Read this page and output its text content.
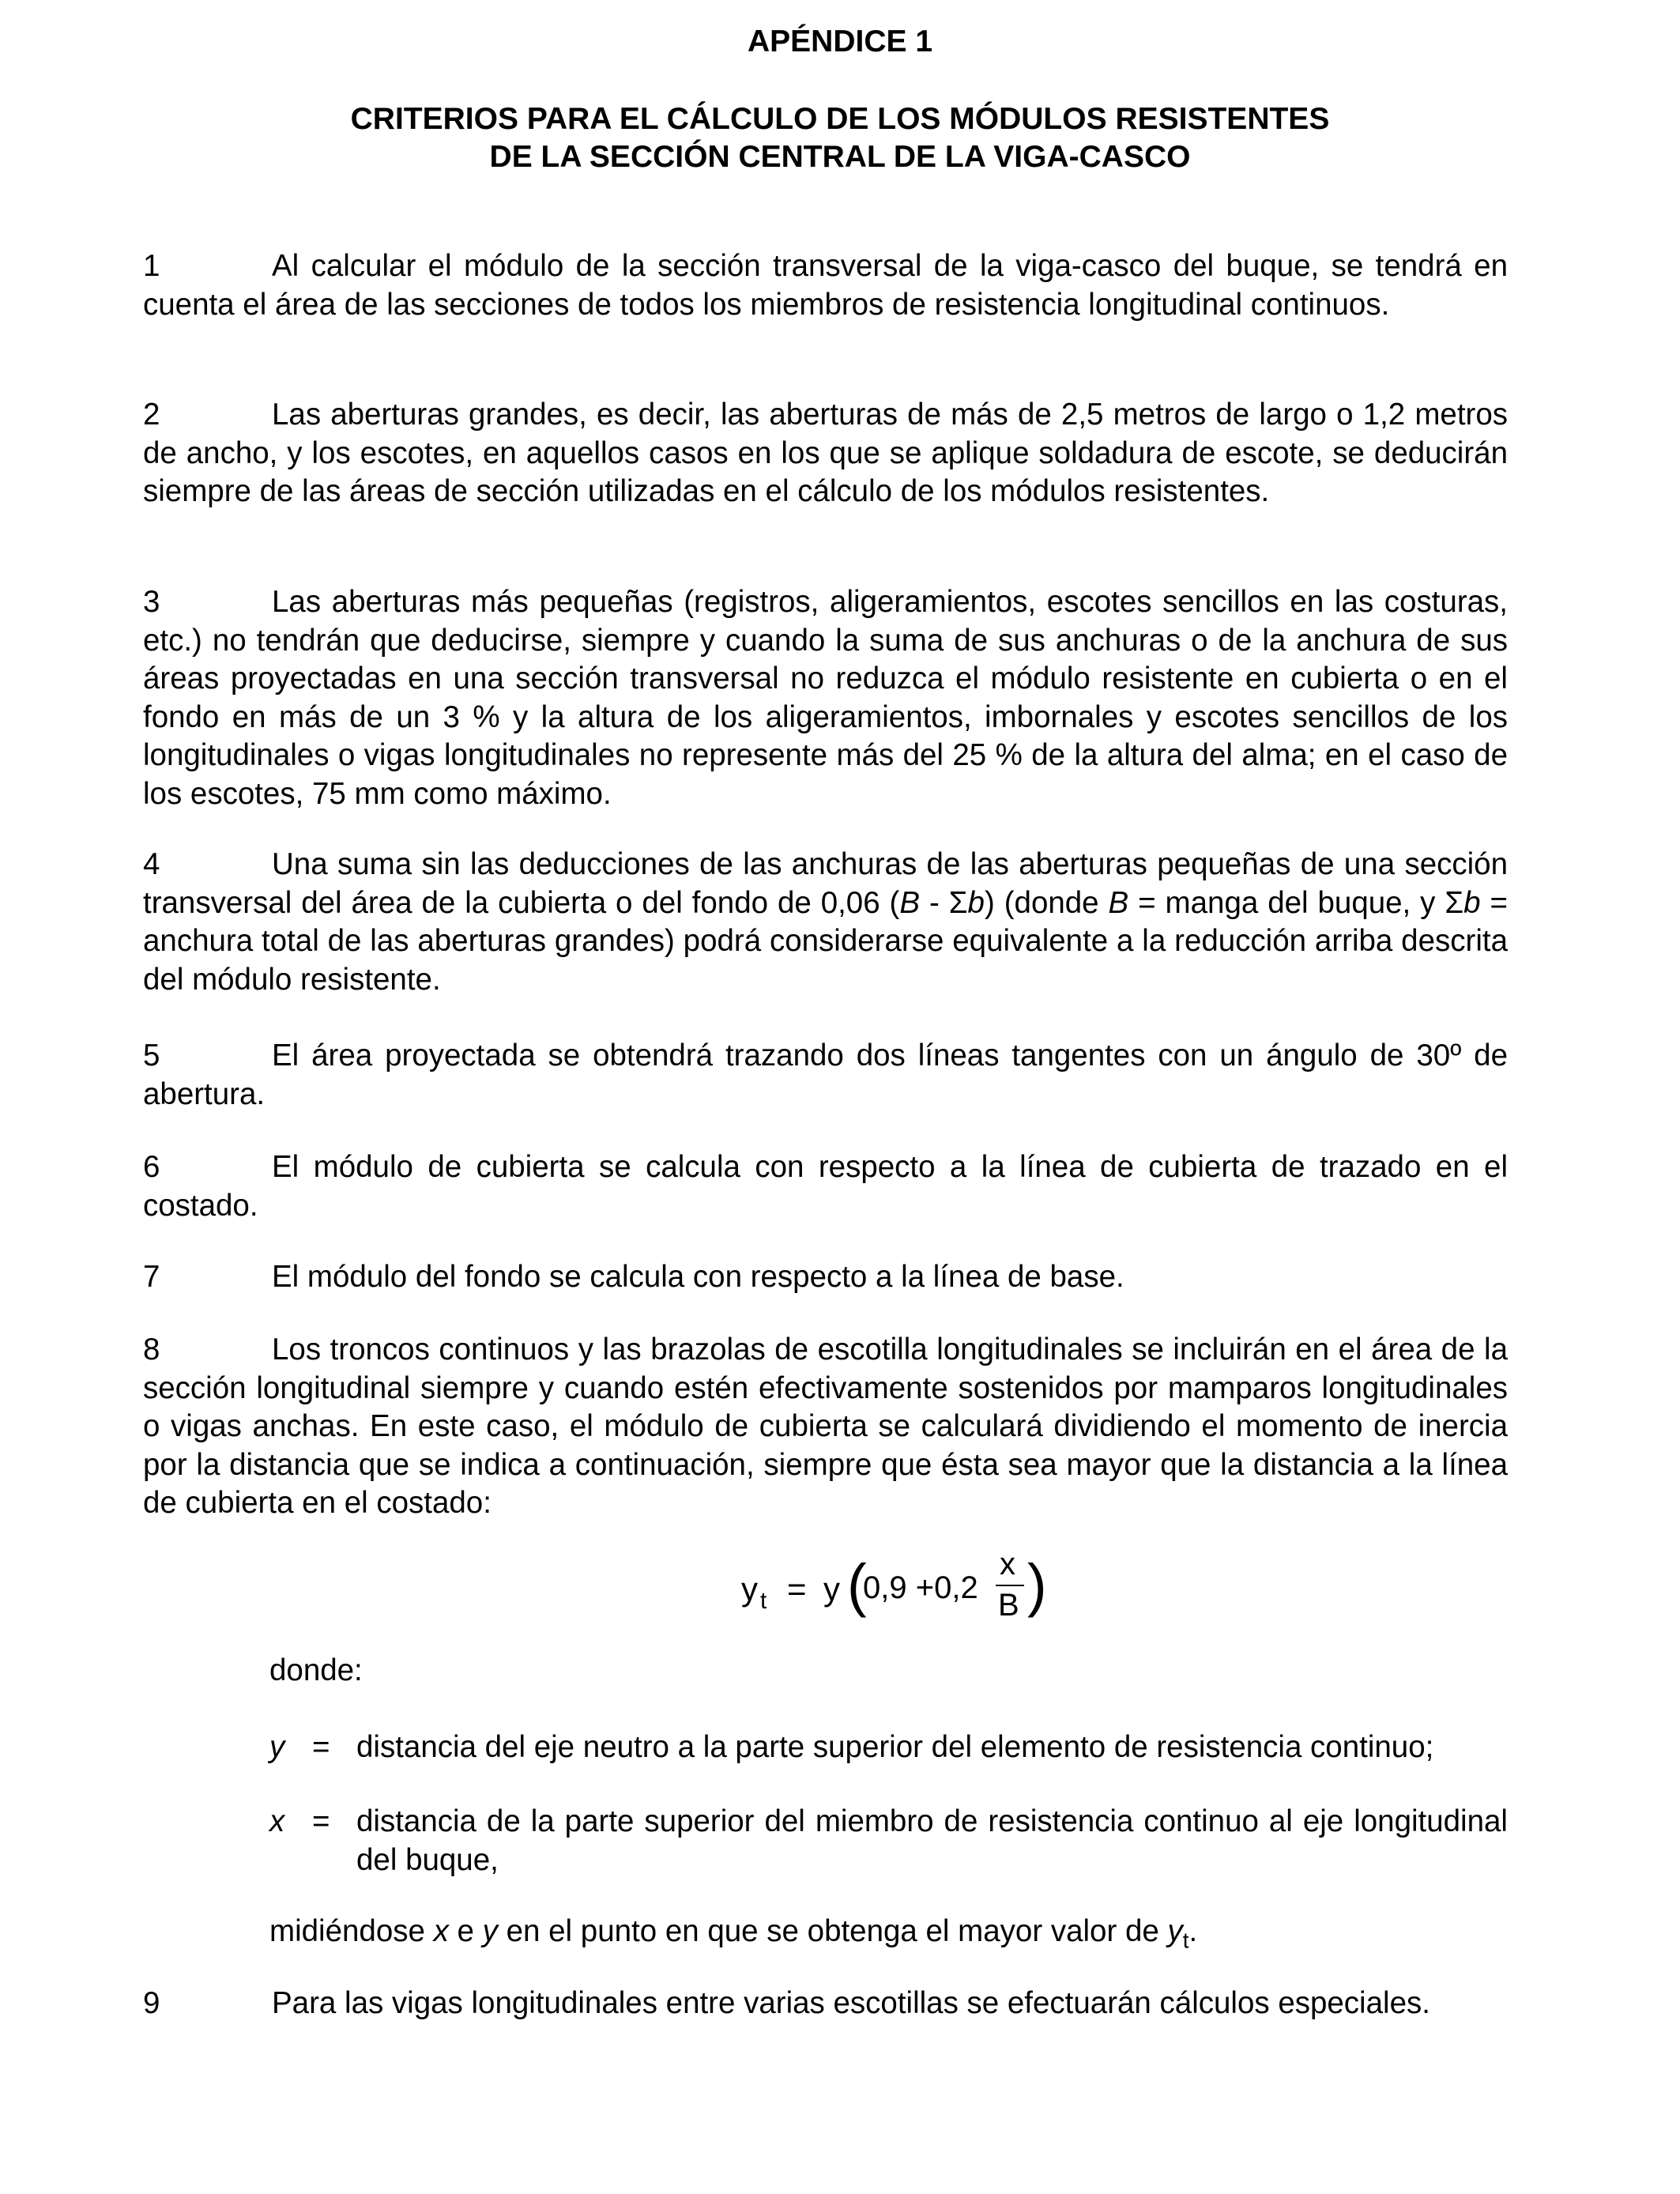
APÉNDICE 1
CRITERIOS PARA EL CÁLCULO DE LOS MÓDULOS RESISTENTES
DE LA SECCIÓN CENTRAL DE LA VIGA-CASCO
1	Al calcular el módulo de la sección transversal de la viga-casco del buque, se tendrá en cuenta el área de las secciones de todos los miembros de resistencia longitudinal continuos.
2	Las aberturas grandes, es decir, las aberturas de más de 2,5 metros de largo o 1,2 metros de ancho, y los escotes, en aquellos casos en los que se aplique soldadura de escote, se deducirán siempre de las áreas de sección utilizadas en el cálculo de los módulos resistentes.
3	Las aberturas más pequeñas (registros, aligeramientos, escotes sencillos en las costuras, etc.) no tendrán que deducirse, siempre y cuando la suma de sus anchuras o de la anchura de sus áreas proyectadas en una sección transversal no reduzca el módulo resistente en cubierta o en el fondo en más de un 3 % y la altura de los aligeramientos, imbornales y escotes sencillos de los longitudinales o vigas longitudinales no represente más del 25 % de la altura del alma; en el caso de los escotes, 75 mm como máximo.
4	Una suma sin las deducciones de las anchuras de las aberturas pequeñas de una sección transversal del área de la cubierta o del fondo de 0,06 (B - Σb) (donde B = manga del buque, y Σb = anchura total de las aberturas grandes) podrá considerarse equivalente a la reducción arriba descrita del módulo resistente.
5	El área proyectada se obtendrá trazando dos líneas tangentes con un ángulo de 30º de abertura.
6	El módulo de cubierta se calcula con respecto a la línea de cubierta de trazado en el costado.
7	El módulo del fondo se calcula con respecto a la línea de base.
8	Los troncos continuos y las brazolas de escotilla longitudinales se incluirán en el área de la sección longitudinal siempre y cuando estén efectivamente sostenidos por mamparos longitudinales o vigas anchas. En este caso, el módulo de cubierta se calculará dividiendo el momento de inercia por la distancia que se indica a continuación, siempre que ésta sea mayor que la distancia a la línea de cubierta en el costado:
y t = y (
0,9 +0,2
x
B )
donde:
y = distancia del eje neutro a la parte superior del elemento de resistencia continuo;
x = distancia de la parte superior del miembro de resistencia continuo al eje longitudinal del buque,
midiéndose x e y en el punto en que se obtenga el mayor valor de $y_t$.
9	Para las vigas longitudinales entre varias escotillas se efectuarán cálculos especiales.
